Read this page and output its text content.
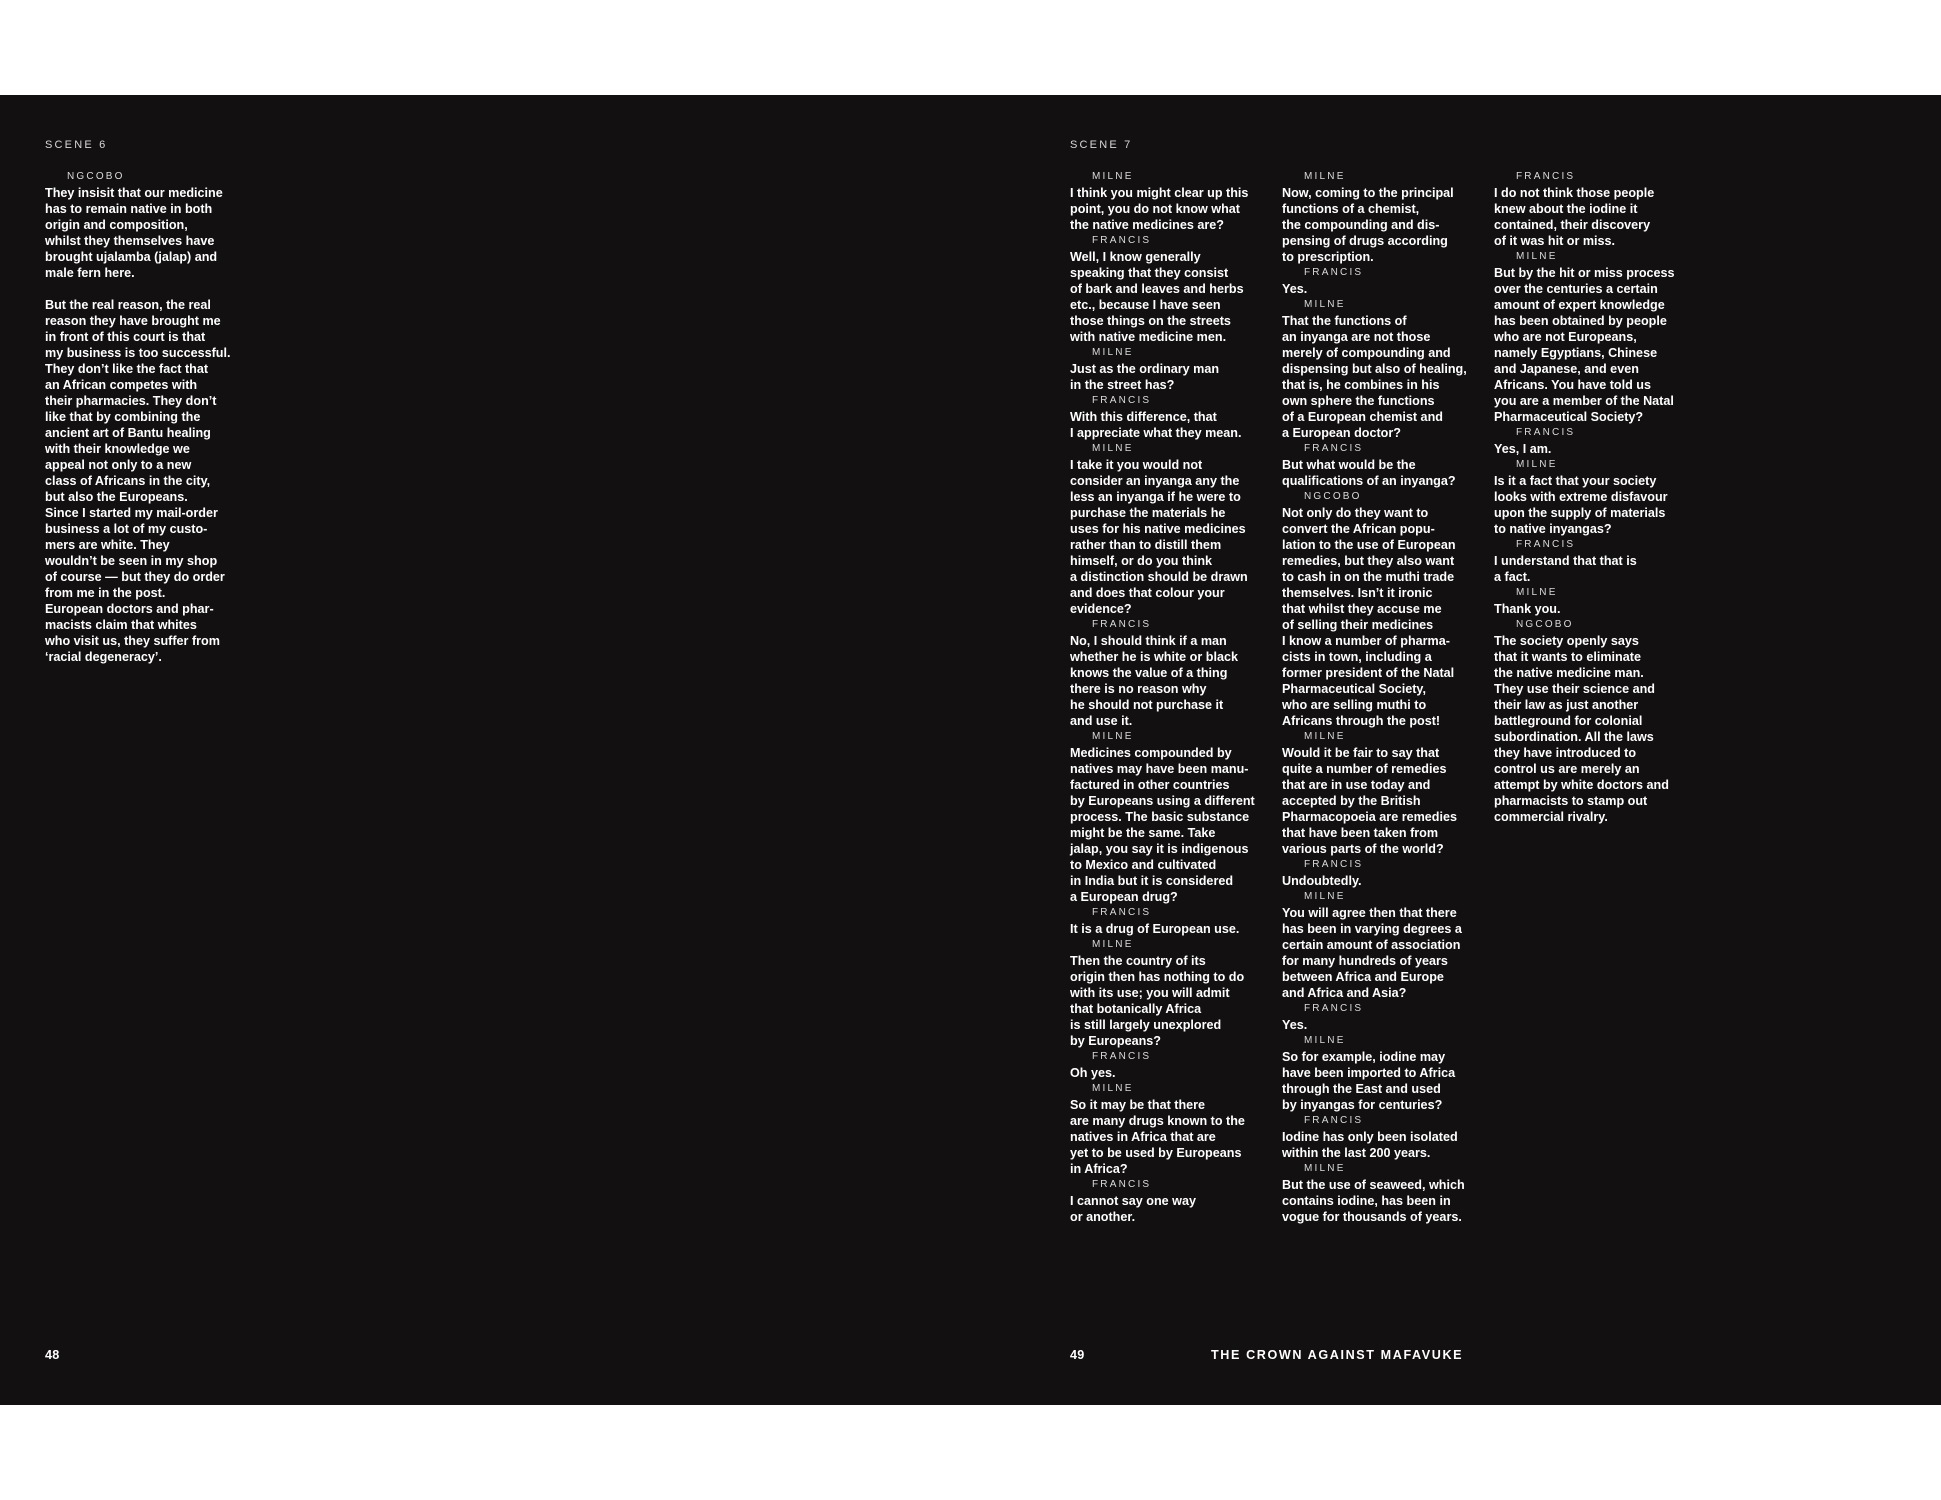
SCENE 6
NGCOBO
They insisit that our medicine
has to remain native in both
origin and composition,
whilst they themselves have
brought ujalamba (jalap) and
male fern here.
But the real reason, the real
reason they have brought me
in front of this court is that
my business is too successful.
They don’t like the fact that
an African competes with
their pharmacies. They don’t
like that by combining the
ancient art of Bantu healing
with their knowledge we
appeal not only to a new
class of Africans in the city,
but also the Europeans.
Since I started my mail-order
business a lot of my custo-
mers are white. They
wouldn’t be seen in my shop
of course — but they do order
from me in the post.
European doctors and phar-
macists claim that whites
who visit us, they suffer from
‘racial degeneracy’.
48
SCENE 7
MILNE
I think you might clear up this
point, you do not know what
the native medicines are?
FRANCIS
Well, I know generally
speaking that they consist
of bark and leaves and herbs
etc., because I have seen
those things on the streets
with native medicine men.
MILNE
Just as the ordinary man
in the street has?
FRANCIS
With this difference, that
I appreciate what they mean.
MILNE
I take it you would not
consider an inyanga any the
less an inyanga if he were to
purchase the materials he
uses for his native medicines
rather than to distill them
himself, or do you think
a distinction should be drawn
and does that colour your
evidence?
FRANCIS
No, I should think if a man
whether he is white or black
knows the value of a thing
there is no reason why
he should not purchase it
and use it.
MILNE
Medicines compounded by
natives may have been manu-
factured in other countries
by Europeans using a different
process. The basic substance
might be the same. Take
jalap, you say it is indigenous
to Mexico and cultivated
in India but it is considered
a European drug?
FRANCIS
It is a drug of European use.
MILNE
Then the country of its
origin then has nothing to do
with its use; you will admit
that botanically Africa
is still largely unexplored
by Europeans?
FRANCIS
Oh yes.
MILNE
So it may be that there
are many drugs known to the
natives in Africa that are
yet to be used by Europeans
in Africa?
FRANCIS
I cannot say one way
or another.
MILNE
Now, coming to the principal
functions of a chemist,
the compounding and dis-
pensing of drugs according
to prescription.
FRANCIS
Yes.
MILNE
That the functions of
an inyanga are not those
merely of compounding and
dispensing but also of healing,
that is, he combines in his
own sphere the functions
of a European chemist and
a European doctor?
FRANCIS
But what would be the
qualifications of an inyanga?
NGCOBO
Not only do they want to
convert the African popu-
lation to the use of European
remedies, but they also want
to cash in on the muthi trade
themselves. Isn’t it ironic
that whilst they accuse me
of selling their medicines
I know a number of pharma-
cists in town, including a
former president of the Natal
Pharmaceutical Society,
who are selling muthi to
Africans through the post!
MILNE
Would it be fair to say that
quite a number of remedies
that are in use today and
accepted by the British
Pharmacopoeia are remedies
that have been taken from
various parts of the world?
FRANCIS
Undoubtedly.
MILNE
You will agree then that there
has been in varying degrees a
certain amount of association
for many hundreds of years
between Africa and Europe
and Africa and Asia?
FRANCIS
Yes.
MILNE
So for example, iodine may
have been imported to Africa
through the East and used
by inyangas for centuries?
FRANCIS
Iodine has only been isolated
within the last 200 years.
MILNE
But the use of seaweed, which
contains iodine, has been in
vogue for thousands of years.
FRANCIS
I do not think those people
knew about the iodine it
contained, their discovery
of it was hit or miss.
MILNE
But by the hit or miss process
over the centuries a certain
amount of expert knowledge
has been obtained by people
who are not Europeans,
namely Egyptians, Chinese
and Japanese, and even
Africans. You have told us
you are a member of the Natal
Pharmaceutical Society?
FRANCIS
Yes, I am.
MILNE
Is it a fact that your society
looks with extreme disfavour
upon the supply of materials
to native inyangas?
FRANCIS
I understand that that is
a fact.
MILNE
Thank you.
NGCOBO
The society openly says
that it wants to eliminate
the native medicine man.
They use their science and
their law as just another
battleground for colonial
subordination. All the laws
they have introduced to
control us are merely an
attempt by white doctors and
pharmacists to stamp out
commercial rivalry.
49	THE CROWN AGAINST MAFAVUKE
